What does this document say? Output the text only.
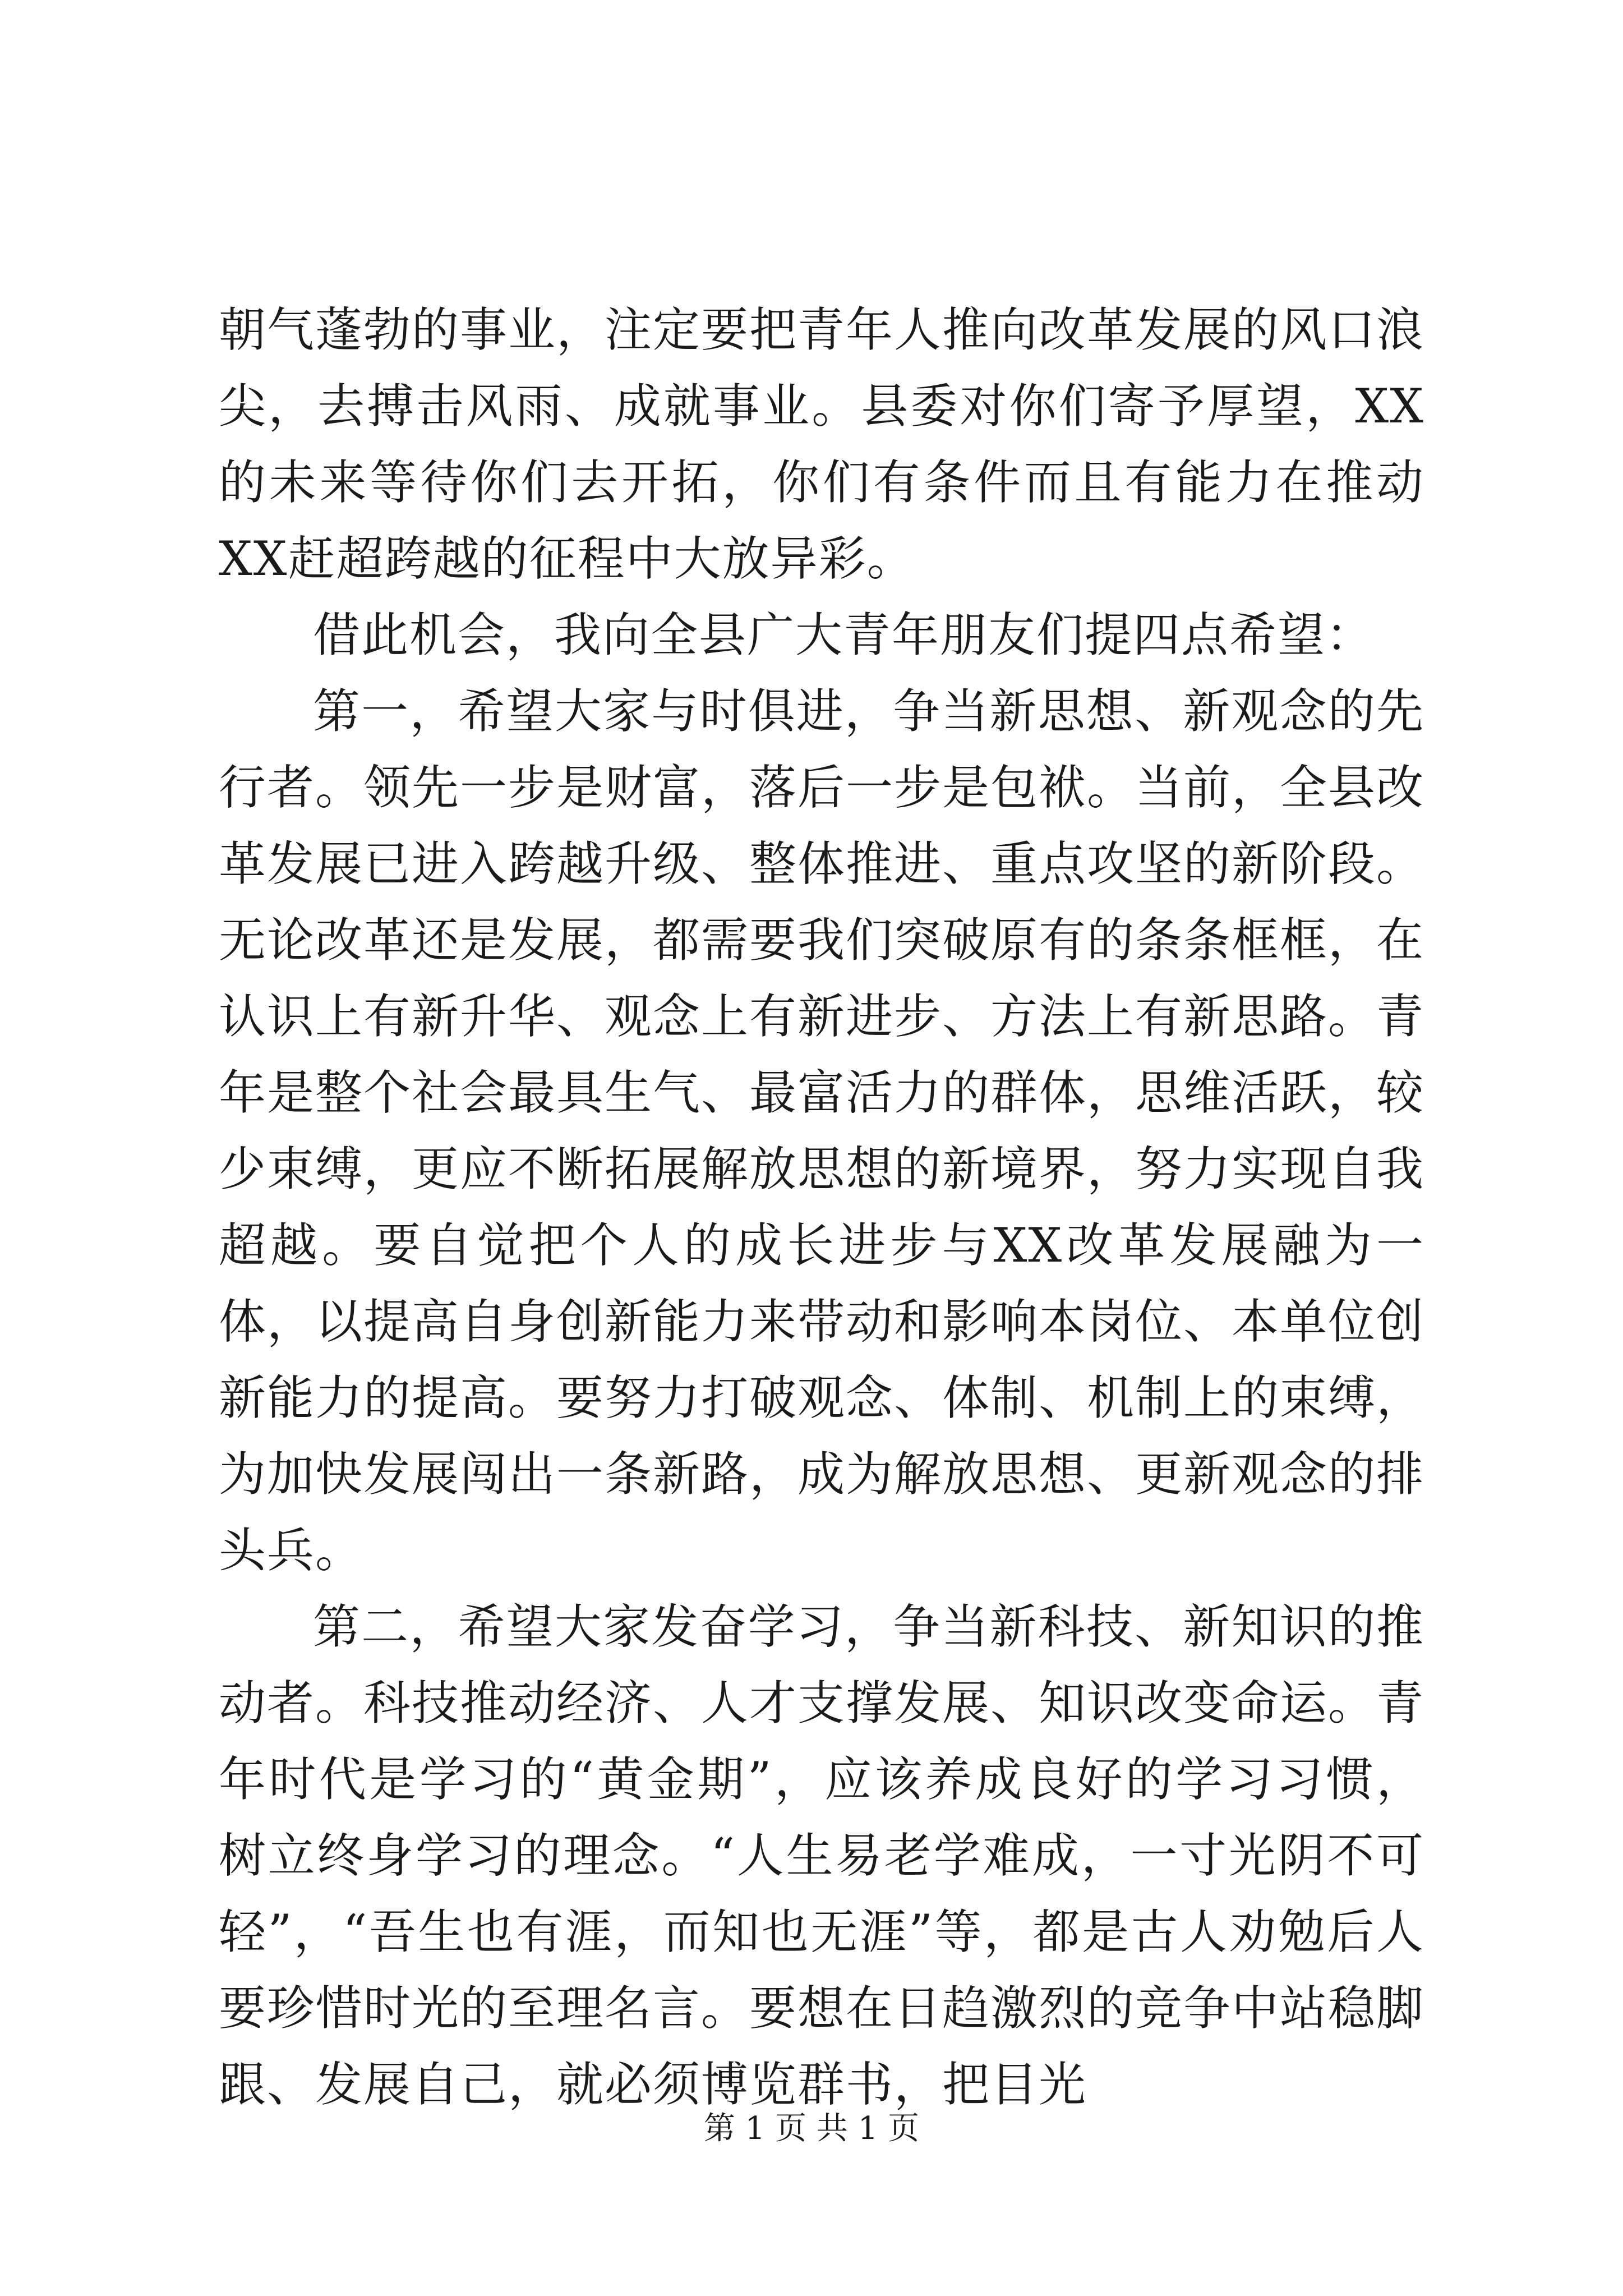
朝气蓬勃的事业，注定要把青年人推向改革发展的风口浪尖，去搏击风雨、成就事业。县委对你们寄予厚望，XX的未来等待你们去开拓，你们有条件而且有能力在推动XX赶超跨越的征程中大放异彩。

借此机会，我向全县广大青年朋友们提四点希望：

第一，希望大家与时俱进，争当新思想、新观念的先行者。领先一步是财富，落后一步是包袱。当前，全县改革发展已进入跨越升级、整体推进、重点攻坚的新阶段。无论改革还是发展，都需要我们突破原有的条条框框，在认识上有新升华、观念上有新进步、方法上有新思路。青年是整个社会最具生气、最富活力的群体，思维活跃，较少束缚，更应不断拓展解放思想的新境界，努力实现自我超越。要自觉把个人的成长进步与XX改革发展融为一体，以提高自身创新能力来带动和影响本岗位、本单位创新能力的提高。要努力打破观念、体制、机制上的束缚，为加快发展闯出一条新路，成为解放思想、更新观念的排头兵。

第二，希望大家发奋学习，争当新科技、新知识的推动者。科技推动经济、人才支撑发展、知识改变命运。青年时代是学习的“黄金期”，应该养成良好的学习习惯，树立终身学习的理念。“人生易老学难成，一寸光阴不可轻”，“吾生也有涯，而知也无涯”等，都是古人劝勉后人要珍惜时光的至理名言。要想在日趋激烈的竞争中站稳脚跟、发展自己，就必须博览群书，把目光

第 1 页 共 1 页
